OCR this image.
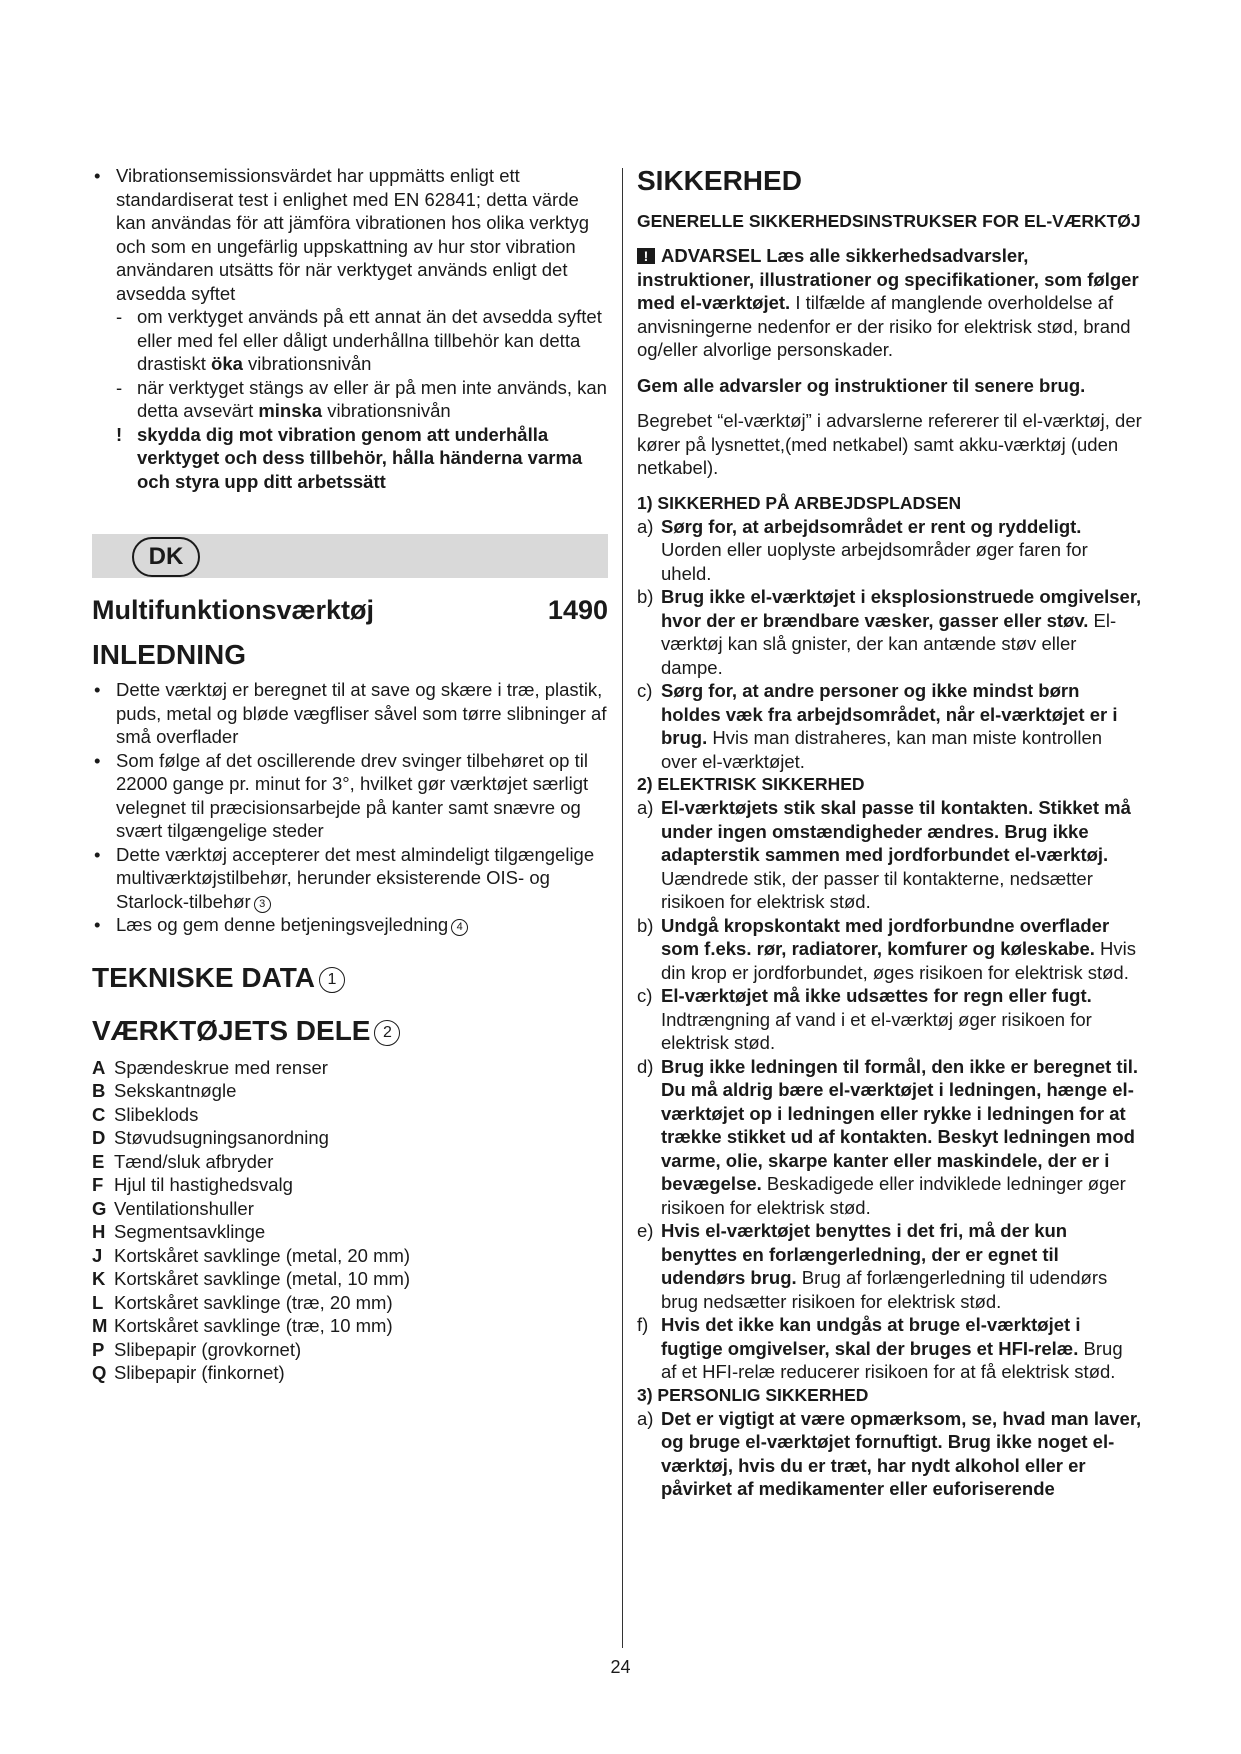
• Vibrationsemissionsvärdet har uppmätts enligt ett standardiserat test i enlighet med EN 62841; detta värde kan användas för att jämföra vibrationen hos olika verktyg och som en ungefärlig uppskattning av hur stor vibration användaren utsätts för när verktyget används enligt det avsedda syftet

- om verktyget används på ett annat än det avsedda syftet eller med fel eller dåligt underhållna tillbehör kan detta drastiskt öka vibrationsnivån

- när verktyget stängs av eller är på men inte används, kan detta avsevärt minska vibrationsnivån

! skydda dig mot vibration genom att underhålla verktyget och dess tillbehör, hålla händerna varma och styra upp ditt arbetssätt

DK
Multifunktionsværktøj	1490
INLEDNING

• Dette værktøj er beregnet til at save og skære i træ, plastik, puds, metal og bløde vægfliser såvel som tørre slibninger af små overflader

• Som følge af det oscillerende drev svinger tilbehøret op til 22000 gange pr. minut for 3°, hvilket gør værktøjet særligt velegnet til præcisionsarbejde på kanter samt snævre og svært tilgængelige steder

• Dette værktøj accepterer det mest almindeligt tilgængelige multiværktøjstilbehør, herunder eksisterende OIS- og Starlock-tilbehør 3

• Læs og gem denne betjeningsvejledning 4

TEKNISKE DATA 1
VÆRKTØJETS DELE 2
A Spændeskrue med renser
B Sekskantnøgle
C Slibeklods
D Støvudsugningsanordning
E Tænd/sluk afbryder
F Hjul til hastighedsvalg
G Ventilationshuller
H Segmentsavklinge
J Kortskåret savklinge (metal, 20 mm)
K Kortskåret savklinge (metal, 10 mm)
L Kortskåret savklinge (træ, 20 mm)
M Kortskåret savklinge (træ, 10 mm)
P Slibepapir (grovkornet)
Q Slibepapir (finkornet)
SIKKERHED

GENERELLE SIKKERHEDSINSTRUKSER FOR EL-VÆRKTØJ

!ADVARSEL Læs alle sikkerhedsadvarsler, instruktioner, illustrationer og specifikationer, som følger med el-værktøjet. I tilfælde af manglende overholdelse af anvisningerne nedenfor er der risiko for elektrisk stød, brand og/eller alvorlige personskader.

Gem alle advarsler og instruktioner til senere brug.

Begrebet “el-værktøj” i advarslerne refererer til el-værktøj, der kører på lysnettet,(med netkabel) samt akku-værktøj (uden netkabel).

1) SIKKERHED PÅ ARBEJDSPLADSEN

a) Sørg for, at arbejdsområdet er rent og ryddeligt. Uorden eller uoplyste arbejdsområder øger faren for uheld.
b) Brug ikke el-værktøjet i eksplosionstruede omgivelser, hvor der er brændbare væsker, gasser eller støv. El-værktøj kan slå gnister, der kan antænde støv eller dampe.
c) Sørg for, at andre personer og ikke mindst børn holdes væk fra arbejdsområdet, når el-værktøjet er i brug. Hvis man distraheres, kan man miste kontrollen over el-værktøjet.

2) ELEKTRISK SIKKERHED

a) El-værktøjets stik skal passe til kontakten. Stikket må under ingen omstændigheder ændres. Brug ikke adapterstik sammen med jordforbundet el-værktøj. Uændrede stik, der passer til kontakterne, nedsætter risikoen for elektrisk stød.
b) Undgå kropskontakt med jordforbundne overflader som f.eks. rør, radiatorer, komfurer og køleskabe. Hvis din krop er jordforbundet, øges risikoen for elektrisk stød.
c) El-værktøjet må ikke udsættes for regn eller fugt. Indtrængning af vand i et el-værktøj øger risikoen for elektrisk stød.
d) Brug ikke ledningen til formål, den ikke er beregnet til. Du må aldrig bære el-værktøjet i ledningen, hænge el-værktøjet op i ledningen eller rykke i ledningen for at trække stikket ud af kontakten. Beskyt ledningen mod varme, olie, skarpe kanter eller maskindele, der er i bevægelse. Beskadigede eller indviklede ledninger øger risikoen for elektrisk stød.
e) Hvis el-værktøjet benyttes i det fri, må der kun benyttes en forlængerledning, der er egnet til udendørs brug. Brug af forlængerledning til udendørs brug nedsætter risikoen for elektrisk stød.
f) Hvis det ikke kan undgås at bruge el-værktøjet i fugtige omgivelser, skal der bruges et HFI-relæ. Brug af et HFI-relæ reducerer risikoen for at få elektrisk stød.

3) PERSONLIG SIKKERHED

a) Det er vigtigt at være opmærksom, se, hvad man laver, og bruge el-værktøjet fornuftigt. Brug ikke noget el-værktøj, hvis du er træt, har nydt alkohol eller er påvirket af medikamenter eller euforiserende
24
